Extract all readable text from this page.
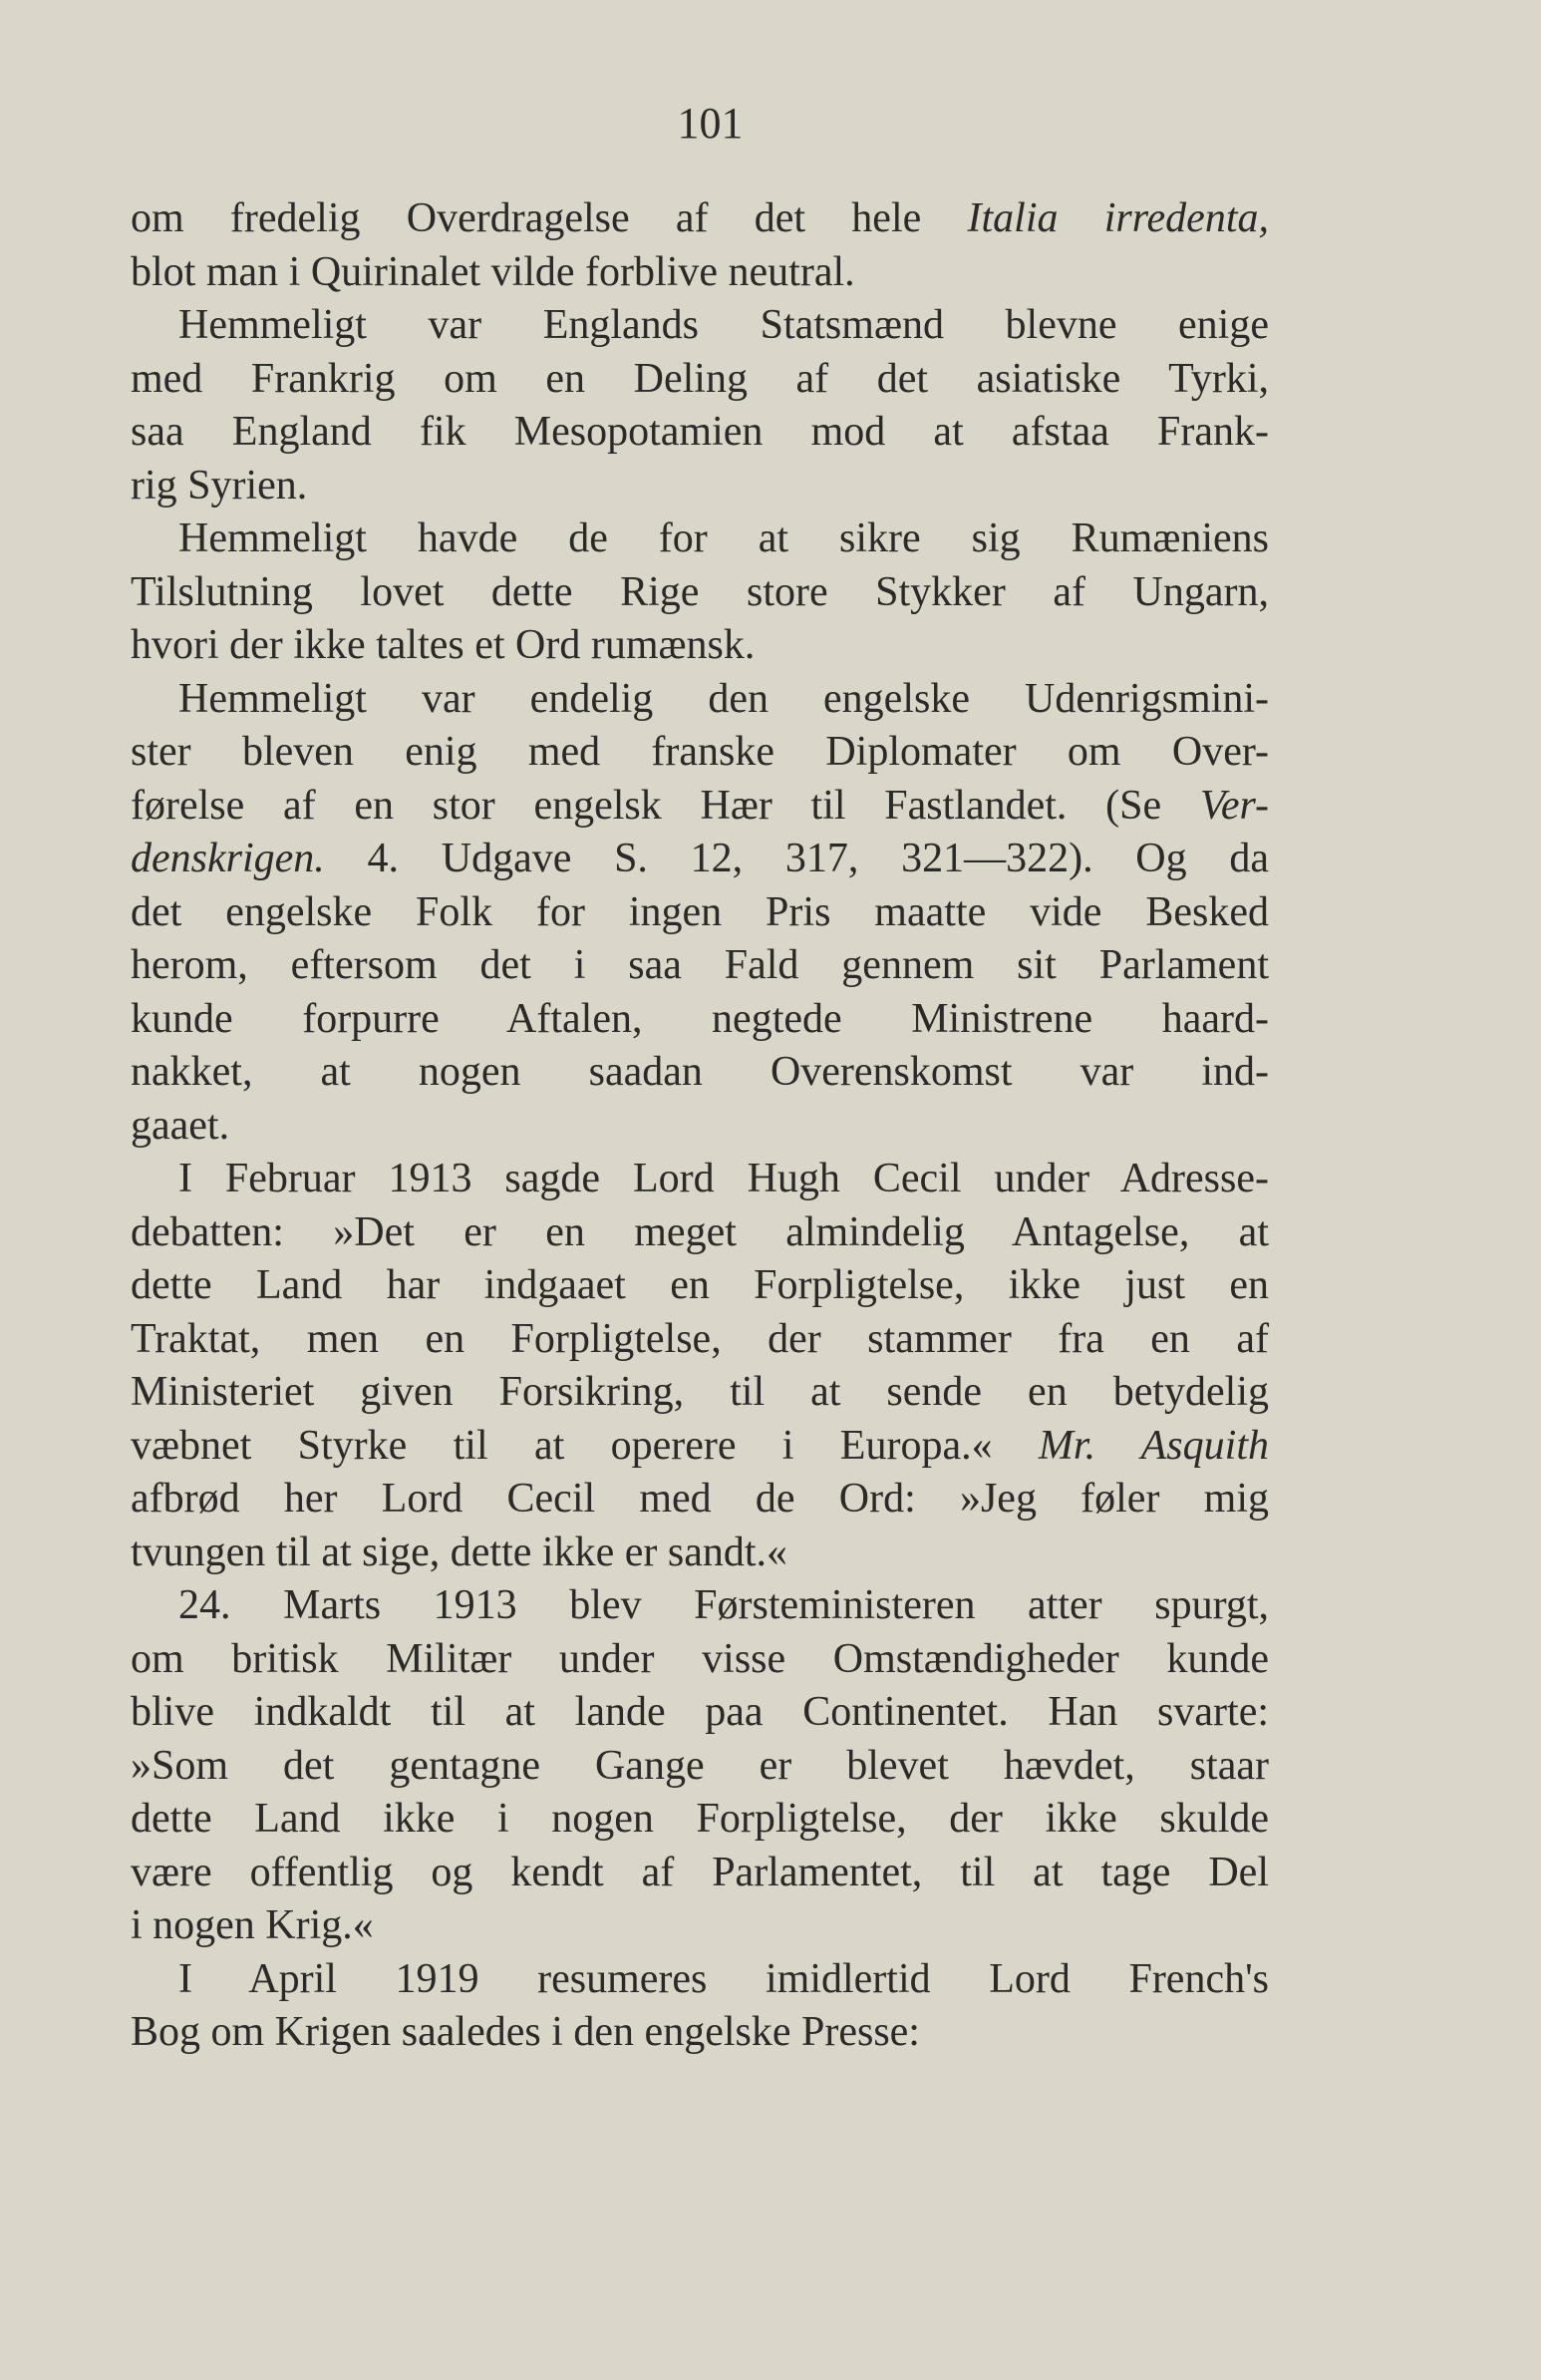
101
om fredelig Overdragelse af det hele Italia irredenta,
blot man i Quirinalet vilde forblive neutral.
Hemmeligt var Englands Statsmænd blevne enige
med Frankrig om en Deling af det asiatiske Tyrki,
saa England fik Mesopotamien mod at afstaa Frank-
rig Syrien.
Hemmeligt havde de for at sikre sig Rumæniens
Tilslutning lovet dette Rige store Stykker af Ungarn,
hvori der ikke taltes et Ord rumænsk.
Hemmeligt var endelig den engelske Udenrigsmini-
ster bleven enig med franske Diplomater om Over-
førelse af en stor engelsk Hær til Fastlandet. (Se Ver-
denskrigen. 4. Udgave S. 12, 317, 321—322). Og da
det engelske Folk for ingen Pris maatte vide Besked
herom, eftersom det i saa Fald gennem sit Parlament
kunde forpurre Aftalen, negtede Ministrene haard-
nakket, at nogen saadan Overenskomst var ind-
gaaet.
I Februar 1913 sagde Lord Hugh Cecil under Adresse-
debatten: »Det er en meget almindelig Antagelse, at
dette Land har indgaaet en Forpligtelse, ikke just en
Traktat, men en Forpligtelse, der stammer fra en af
Ministeriet given Forsikring, til at sende en betydelig
væbnet Styrke til at operere i Europa.« Mr. Asquith
afbrød her Lord Cecil med de Ord: »Jeg føler mig
tvungen til at sige, dette ikke er sandt.«
24. Marts 1913 blev Førsteministeren atter spurgt,
om britisk Militær under visse Omstændigheder kunde
blive indkaldt til at lande paa Continentet. Han svarte:
»Som det gentagne Gange er blevet hævdet, staar
dette Land ikke i nogen Forpligtelse, der ikke skulde
være offentlig og kendt af Parlamentet, til at tage Del
i nogen Krig.«
I April 1919 resumeres imidlertid Lord French's
Bog om Krigen saaledes i den engelske Presse:
